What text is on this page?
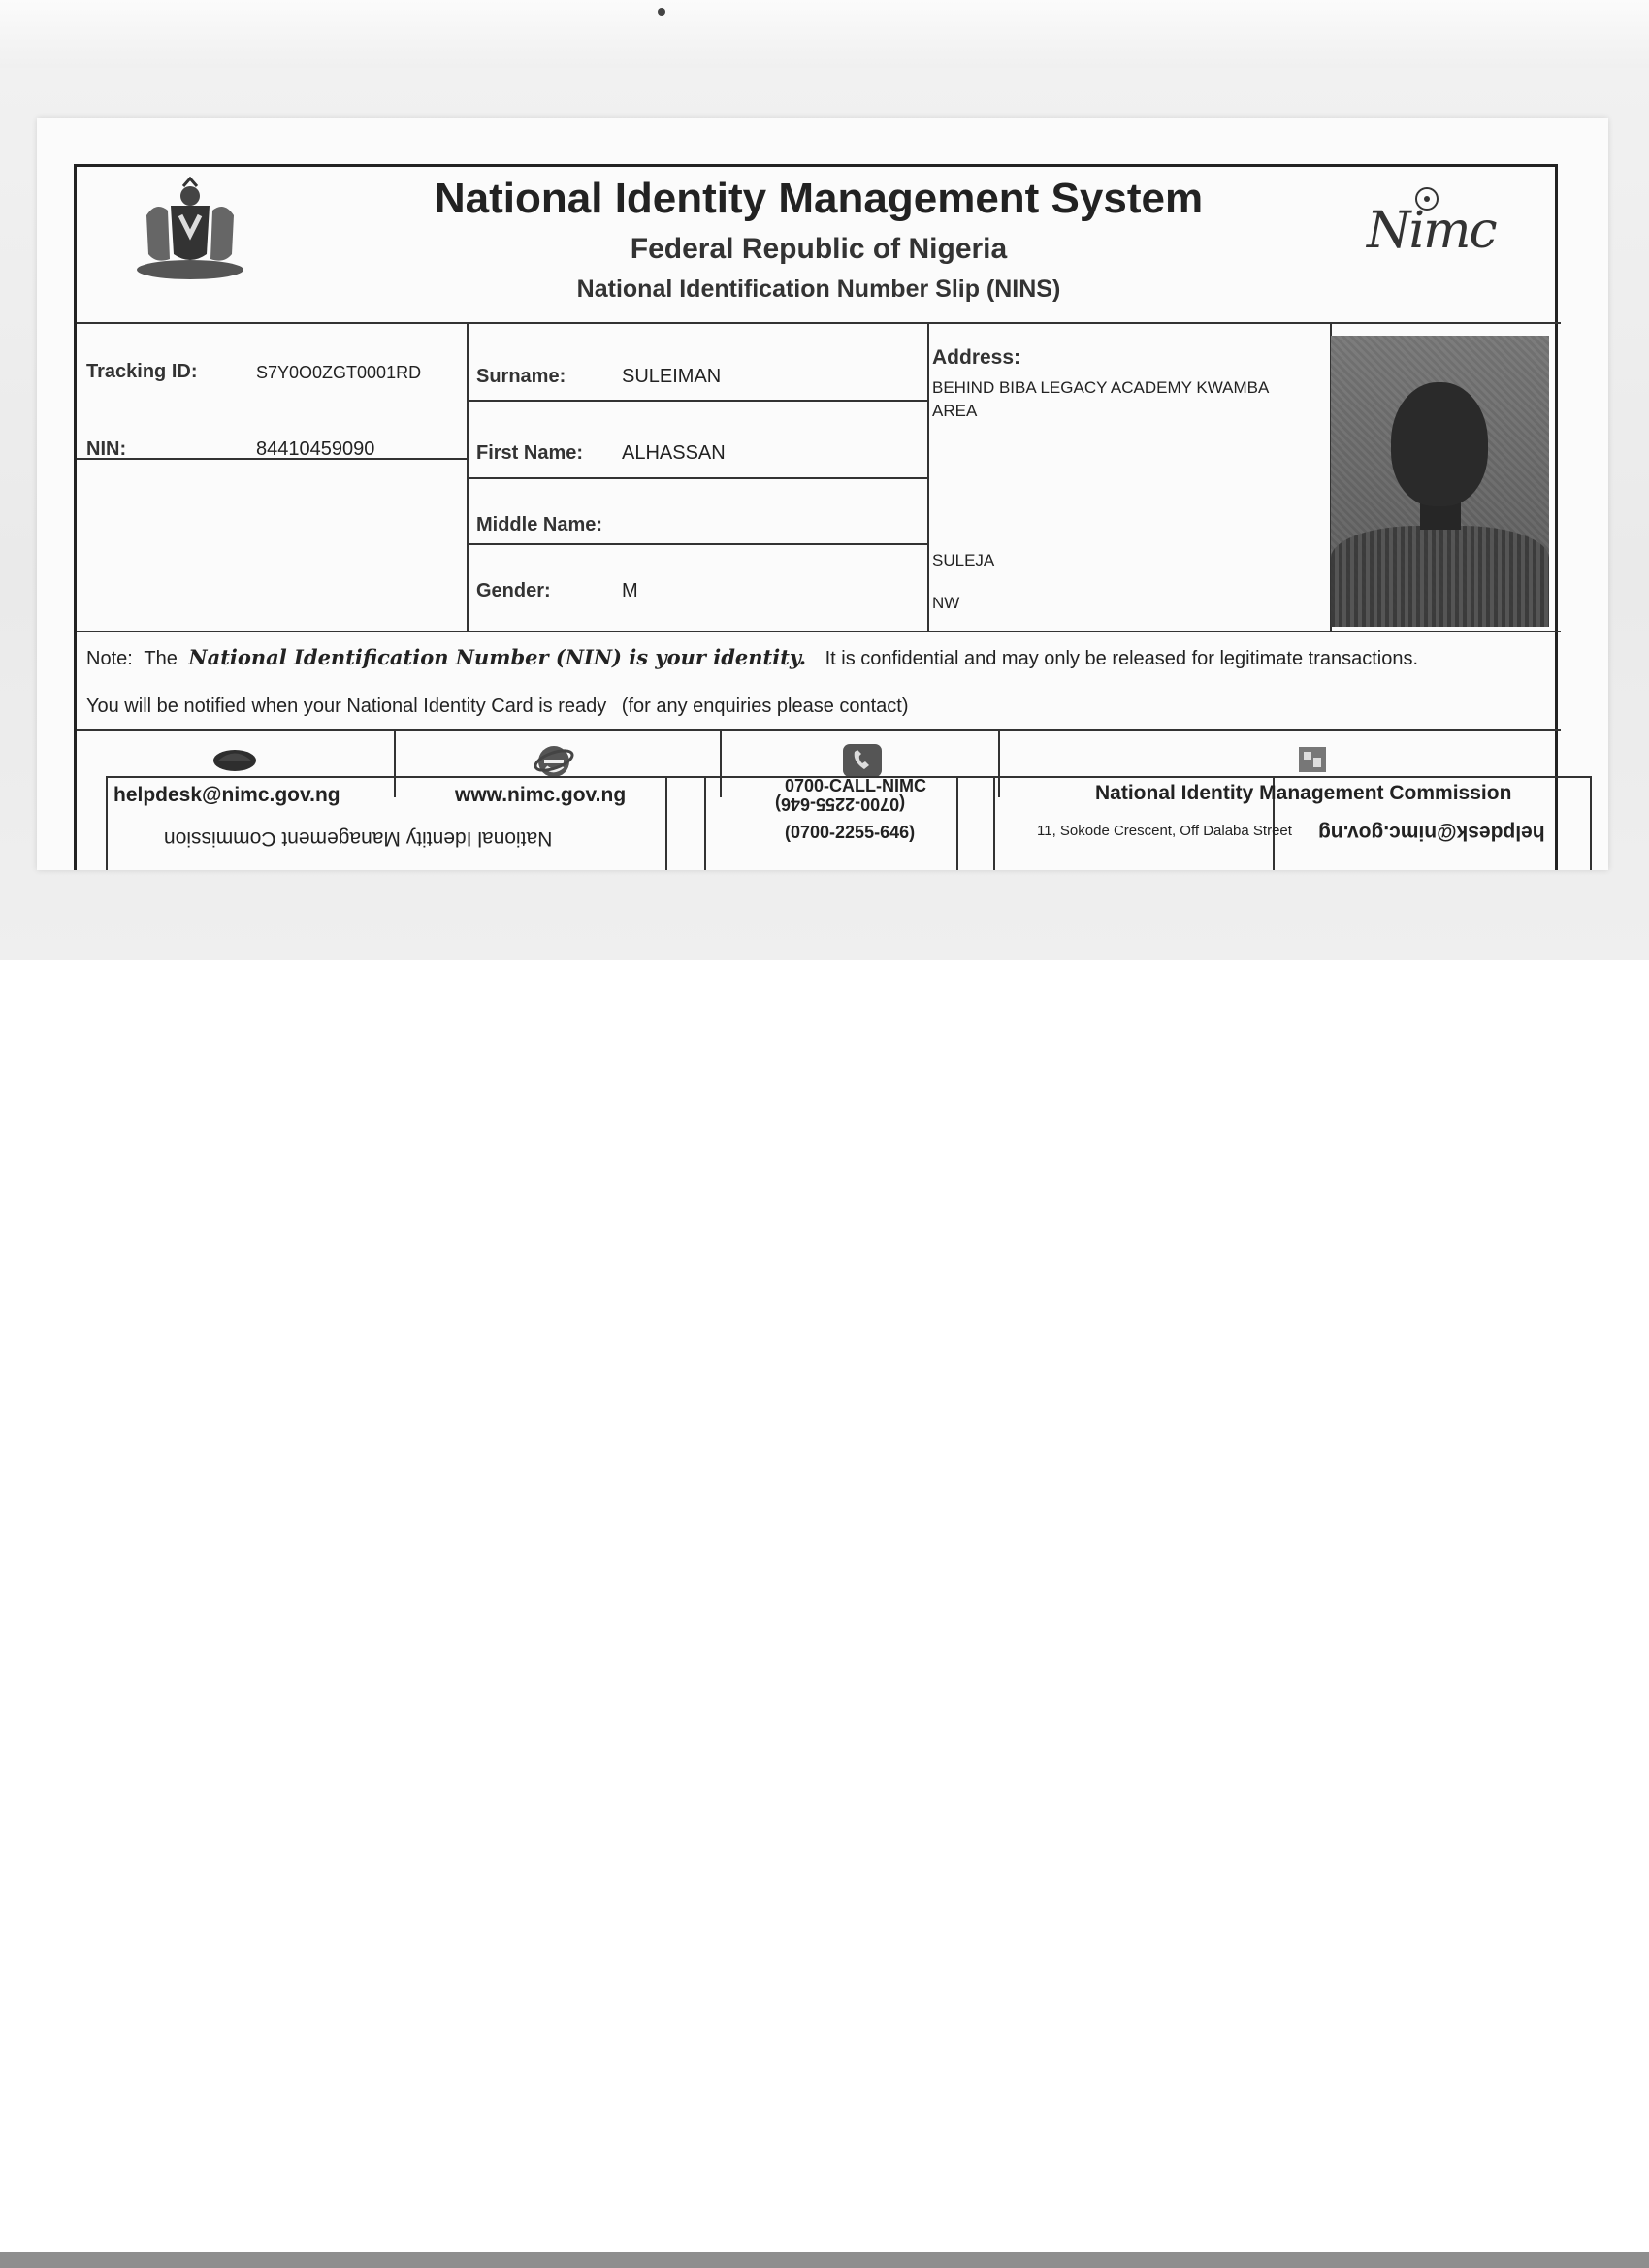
National Identity Management System
Federal Republic of Nigeria
National Identification Number Slip (NINS)
Nimc
Tracking ID:	S7Y0O0ZGT0001RD
NIN:	84410459090
Surname:	SULEIMAN
First Name: ALHASSAN
Middle Name:
Gender:	M
Address:
BEHIND BIBA LEGACY ACADEMY KWAMBA
AREA
SULEJA
NW
Note: The National Identification Number (NIN) is your identity. It is confidential and may only be released for legitimate transactions.
You will be notified when your National Identity Card is ready (for any enquiries please contact)
helpdesk@nimc.gov.ng	www.nimc.gov.ng	0700-CALL-NIMC
(0700-2255-646)	National Identity Management Commission
National Identity Management Commission	(0700-2255-646)	11, Sokode Crescent, Off Dalaba Street helpdesk@nimc.gov.ng
